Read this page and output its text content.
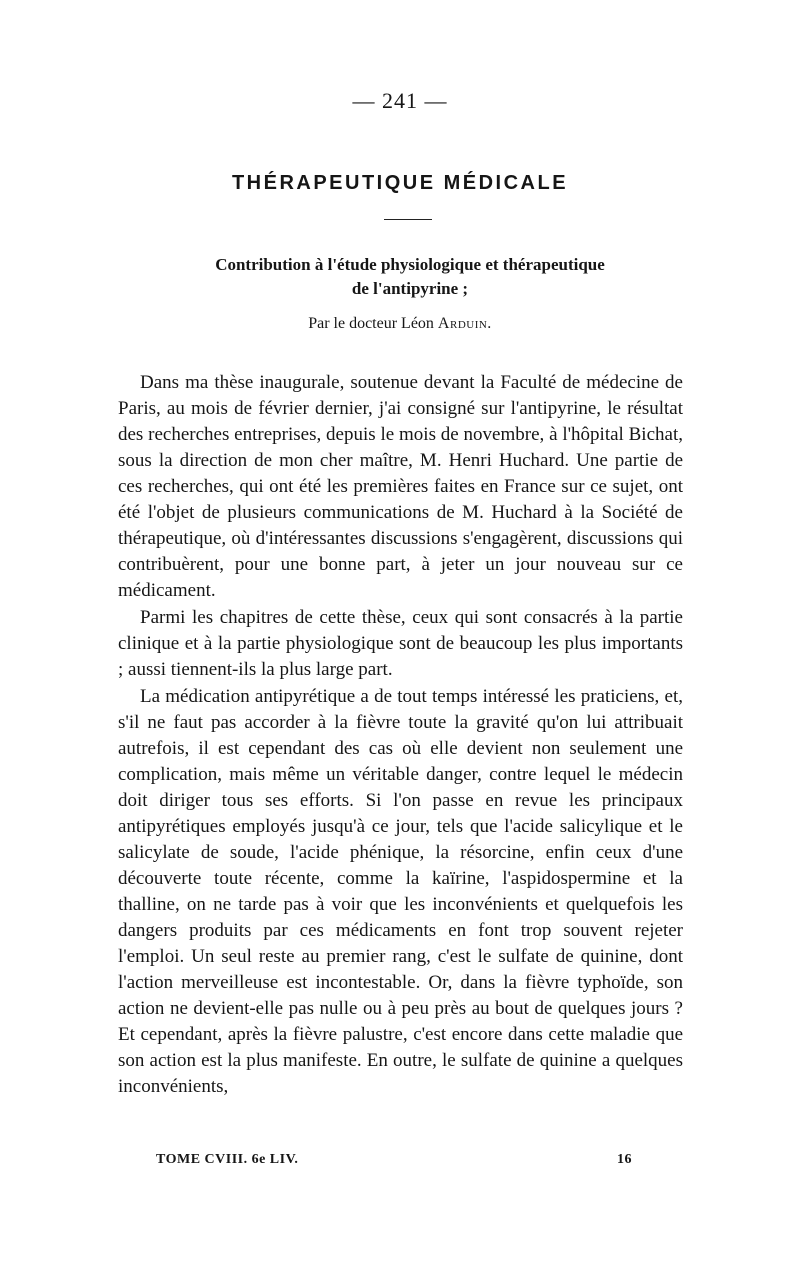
— 241 —
THÉRAPEUTIQUE MÉDICALE
Contribution à l'étude physiologique et thérapeutique
de l'antipyrine ;
Par le docteur Léon Arduin.

Dans ma thèse inaugurale, soutenue devant la Faculté de médecine de Paris, au mois de février dernier, j'ai consigné sur l'antipyrine, le résultat des recherches entreprises, depuis le mois de novembre, à l'hôpital Bichat, sous la direction de mon cher maître, M. Henri Huchard. Une partie de ces recherches, qui ont été les premières faites en France sur ce sujet, ont été l'objet de plusieurs communications de M. Huchard à la Société de thérapeutique, où d'intéressantes discussions s'engagèrent, discussions qui contribuèrent, pour une bonne part, à jeter un jour nouveau sur ce médicament.

Parmi les chapitres de cette thèse, ceux qui sont consacrés à la partie clinique et à la partie physiologique sont de beaucoup les plus importants ; aussi tiennent-ils la plus large part.

La médication antipyrétique a de tout temps intéressé les praticiens, et, s'il ne faut pas accorder à la fièvre toute la gravité qu'on lui attribuait autrefois, il est cependant des cas où elle devient non seulement une complication, mais même un véritable danger, contre lequel le médecin doit diriger tous ses efforts. Si l'on passe en revue les principaux antipyrétiques employés jusqu'à ce jour, tels que l'acide salicylique et le salicylate de soude, l'acide phénique, la résorcine, enfin ceux d'une découverte toute récente, comme la kaïrine, l'aspidospermine et la thalline, on ne tarde pas à voir que les inconvénients et quelquefois les dangers produits par ces médicaments en font trop souvent rejeter l'emploi. Un seul reste au premier rang, c'est le sulfate de quinine, dont l'action merveilleuse est incontestable. Or, dans la fièvre typhoïde, son action ne devient-elle pas nulle ou à peu près au bout de quelques jours ? Et cependant, après la fièvre palustre, c'est encore dans cette maladie que son action est la plus manifeste. En outre, le sulfate de quinine a quelques inconvénients,

TOME CVIII. 6e LIV.	16
